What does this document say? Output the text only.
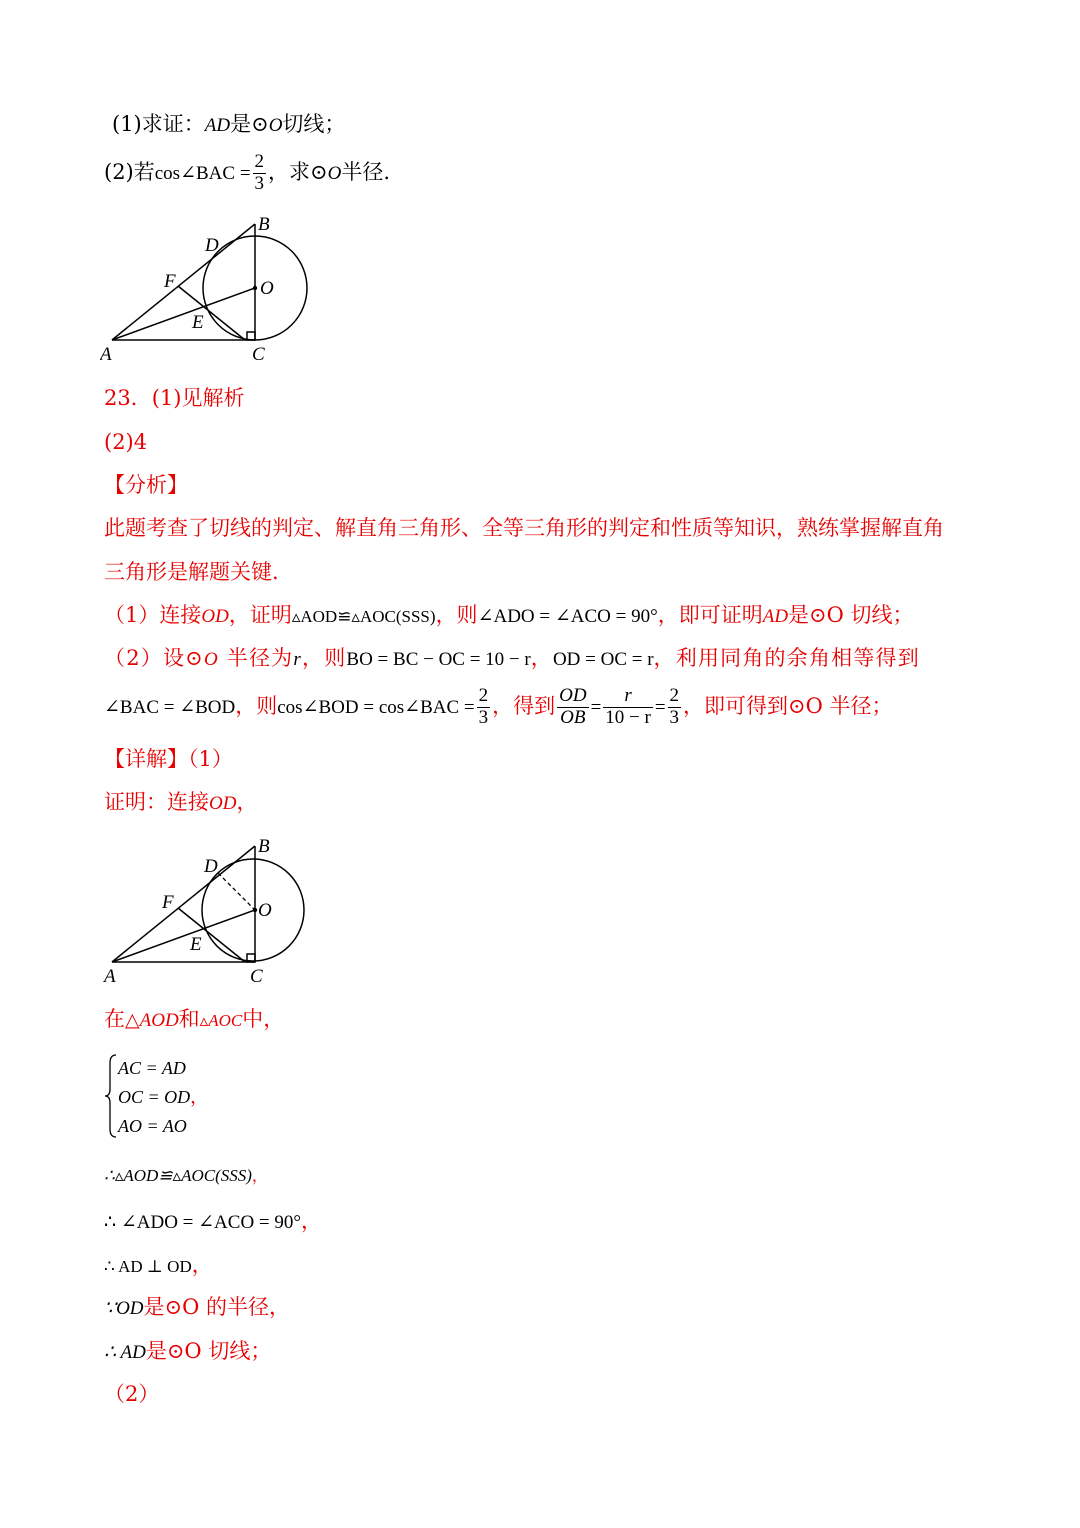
(1)求证：AD是⊙O切线；
(2)若cos∠BAC = $\frac{2}{3}$ ，求⊙O半径.
A
B
C
D
E
F	O
23．(1)见解析
(2)4
【分析】
此题考查了切线的判定、解直角三角形、全等三角形的判定和性质等知识，熟练掌握解直角
三角形是解题关键.
（1）连接OD，证明▵AOD≌▵AOC(SSS)，则∠ADO = ∠ACO = 90°，即可证明AD是⊙O 切线；
（2）设⊙O 半径为r，则BO = BC − OC = 10 − r，OD = OC = r，利用同角的余角相等得到
∠BAC = ∠BOD，则cos∠BOD = cos∠BAC = $\frac{2}{3}$ ，得到 $\frac{OD}{OB} = \frac{r}{10 - r} = \frac{2}{3}$ ，即可得到⊙O 半径；
【详解】（1）
证明：连接OD，
A
B
C
D
E
F	O
在△AOD和▵AOC中，
AC = AD
OC = OD，
AO = AO
∴▵AOD≌▵AOC(SSS)，
∴ ∠ADO = ∠ACO = 90°，
∴ AD ⊥ OD，
∵OD是⊙O 的半径，
∴ AD是⊙O 切线；
（2）
